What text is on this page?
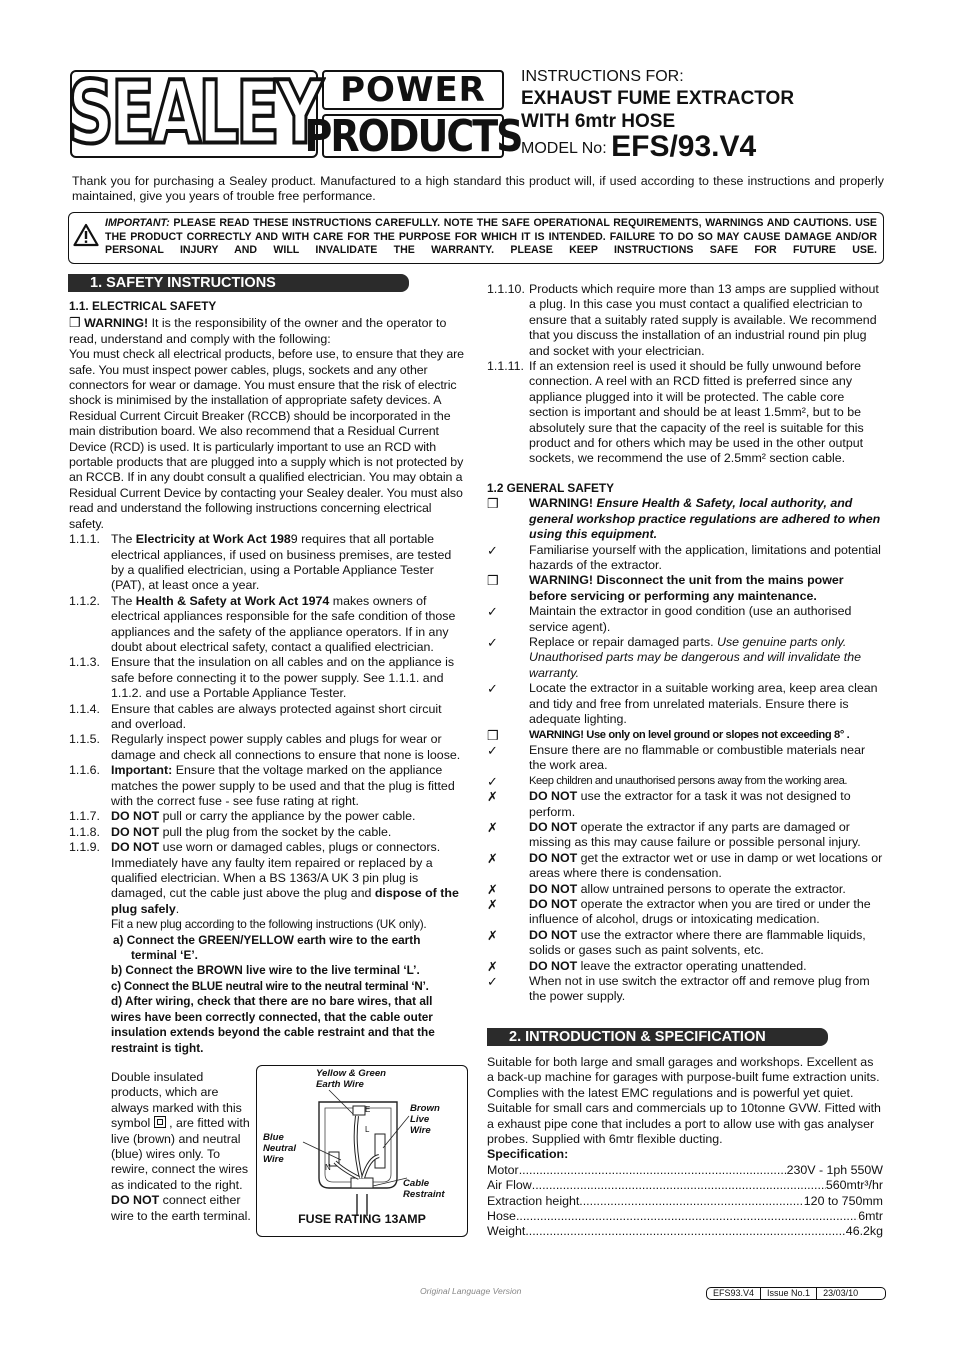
SEALEY POWER
PRODUCTS
INSTRUCTIONS FOR:
EXHAUST FUME EXTRACTOR
WITH 6mtr HOSE
MODEL No: EFS/93.V4
Thank you for purchasing a Sealey product. Manufactured to a high standard this product will, if used according to these instructions and properly maintained, give you years of trouble free performance.
IMPORTANT: PLEASE READ THESE INSTRUCTIONS CAREFULLY. NOTE THE SAFE OPERATIONAL REQUIREMENTS, WARNINGS AND CAUTIONS. USE THE PRODUCT CORRECTLY AND WITH CARE FOR THE PURPOSE FOR WHICH IT IS INTENDED. FAILURE TO DO SO MAY CAUSE DAMAGE AND/OR PERSONAL INJURY AND WILL INVALIDATE THE WARRANTY. PLEASE KEEP INSTRUCTIONS SAFE FOR FUTURE USE.
1. SAFETY INSTRUCTIONS

1.1. ELECTRICAL SAFETY

❒ WARNING! It is the responsibility of the owner and the operator to read, understand and comply with the following:

You must check all electrical products, before use, to ensure that they are safe. You must inspect power cables, plugs, sockets and any other connectors for wear or damage. You must ensure that the risk of electric shock is minimised by the installation of appropriate safety devices. A Residual Current Circuit Breaker (RCCB) should be incorporated in the main distribution board. We also recommend that a Residual Current Device (RCD) is used. It is particularly important to use an RCD with portable products that are plugged into a supply which is not protected by an RCCB. If in any doubt consult a qualified electrician. You may obtain a Residual Current Device by contacting your Sealey dealer. You must also read and understand the following instructions concerning electrical safety.

1.1.1. The Electricity at Work Act 1989 requires that all portable electrical appliances, if used on business premises, are tested by a qualified electrician, using a Portable Appliance Tester (PAT), at least once a year.
1.1.2. The Health & Safety at Work Act 1974 makes owners of electrical appliances responsible for the safe condition of those appliances and the safety of the appliance operators. If in any doubt about electrical safety, contact a qualified electrician.
1.1.3. Ensure that the insulation on all cables and on the appliance is safe before connecting it to the power supply. See 1.1.1. and 1.1.2. and use a Portable Appliance Tester.
1.1.4. Ensure that cables are always protected against short circuit and overload.
1.1.5. Regularly inspect power supply cables and plugs for wear or damage and check all connections to ensure that none is loose.
1.1.6. Important: Ensure that the voltage marked on the appliance matches the power supply to be used and that the plug is fitted with the correct fuse - see fuse rating at right.
1.1.7. DO NOT pull or carry the appliance by the power cable.
1.1.8. DO NOT pull the plug from the socket by the cable.
1.1.9. DO NOT use worn or damaged cables, plugs or connectors. Immediately have any faulty item repaired or replaced by a qualified electrician. When a BS 1363/A UK 3 pin plug is damaged, cut the cable just above the plug and dispose of the plug safely.
Fit a new plug according to the following instructions (UK only).
a) Connect the GREEN/YELLOW earth wire to the earth terminal ‘E’.
b) Connect the BROWN live wire to the live terminal ‘L’.
c) Connect the BLUE neutral wire to the neutral terminal ‘N’.
d) After wiring, check that there are no bare wires, that all wires have been correctly connected, that the cable outer insulation extends beyond the cable restraint and that the restraint is tight.
Double insulated products, which are always marked with this symbol
, are fitted with live (brown) and neutral (blue) wires only. To rewire, connect the wires as indicated to the right. DO NOT connect either wire to the earth terminal.
E
L
N
Yellow & Green Earth Wire
Brown Live Wire
Blue Neutral Wire
Cable Restraint
FUSE RATING 13AMP
1.1.10. Products which require more than 13 amps are supplied without a plug. In this case you must contact a qualified electrician to ensure that a suitably rated supply is available. We recommend that you discuss the installation of an industrial round pin plug and socket with your electrician.
1.1.11. If an extension reel is used it should be fully unwound before connection. A reel with an RCD fitted is preferred since any appliance plugged into it will be protected. The cable core section is important and should be at least 1.5mm², but to be absolutely sure that the capacity of the reel is suitable for this product and for others which may be used in the other output sockets, we recommend the use of 2.5mm² section cable.

1.2 GENERAL SAFETY

❒ WARNING! Ensure Health & Safety, local authority, and general workshop practice regulations are adhered to when using this equipment.
✓	Familiarise yourself with the application, limitations and potential hazards of the extractor.
❒ WARNING! Disconnect the unit from the mains power before servicing or performing any maintenance.
✓	Maintain the extractor in good condition (use an authorised service agent).
✓	Replace or repair damaged parts. Use genuine parts only. Unauthorised parts may be dangerous and will invalidate the warranty.
✓	Locate the extractor in a suitable working area, keep area clean and tidy and free from unrelated materials. Ensure there is adequate lighting.
❒	WARNING! Use only on level ground or slopes not exceeding 8° .
✓	Ensure there are no flammable or combustible materials near the work area.
✓	Keep children and unauthorised persons away from the working area.
✗	DO NOT use the extractor for a task it was not designed to perform.
✗	DO NOT operate the extractor if any parts are damaged or missing as this may cause failure or possible personal injury.
✗	DO NOT get the extractor wet or use in damp or wet locations or areas where there is condensation.
✗	DO NOT allow untrained persons to operate the extractor.
✗	DO NOT operate the extractor when you are tired or under the influence of alcohol, drugs or intoxicating medication.
✗	DO NOT use the extractor where there are flammable liquids, solids or gases such as paint solvents, etc.
✗	DO NOT leave the extractor operating unattended.
✓	When not in use switch the extractor off and remove plug from the power supply.
2. INTRODUCTION & SPECIFICATION

Suitable for both large and small garages and workshops. Excellent as a back-up machine for garages with purpose-built fume extraction units. Complies with the latest EMC regulations and is powerful yet quiet. Suitable for small cars and commercials up to 10tonne GVW. Fitted with a exhaust pipe cone that includes a port to allow use with gas analyser probes. Supplied with 6mtr flexible ducting.

Specification:

Motor .....	230V - 1ph 550W
Air Flow .....	560mtr³/hr
Extraction height .....	120 to 750mm
Hose .....	6mtr
Weight .....	46.2kg
Original Language Version	EFS93.V4	Issue No.1	23/03/10
